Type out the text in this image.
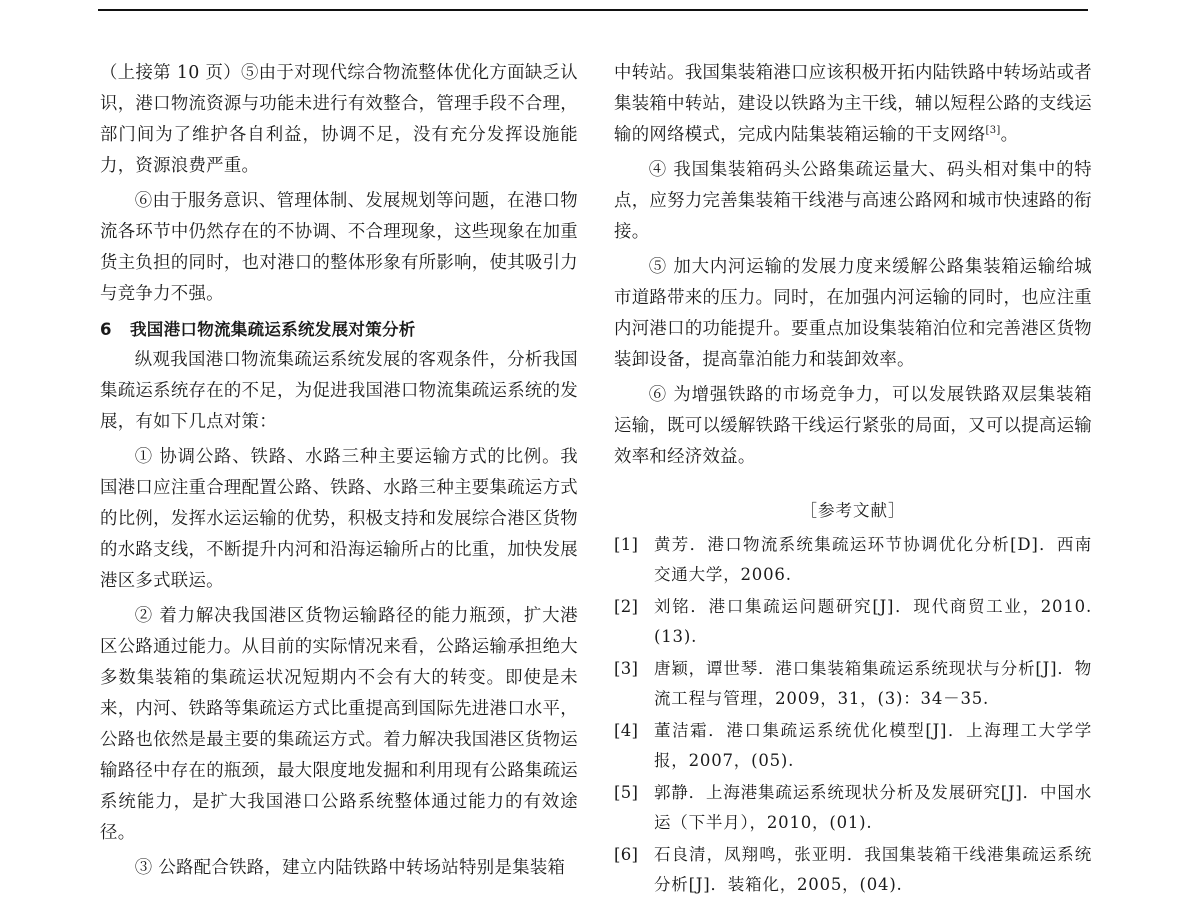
（上接第 10 页）⑤由于对现代综合物流整体优化方面缺乏认识，港口物流资源与功能未进行有效整合，管理手段不合理，部门间为了维护各自利益，协调不足，没有充分发挥设施能力，资源浪费严重。

⑥由于服务意识、管理体制、发展规划等问题，在港口物流各环节中仍然存在的不协调、不合理现象，这些现象在加重货主负担的同时，也对港口的整体形象有所影响，使其吸引力与竞争力不强。

6 我国港口物流集疏运系统发展对策分析

纵观我国港口物流集疏运系统发展的客观条件，分析我国集疏运系统存在的不足，为促进我国港口物流集疏运系统的发展，有如下几点对策：

① 协调公路、铁路、水路三种主要运输方式的比例。我国港口应注重合理配置公路、铁路、水路三种主要集疏运方式的比例，发挥水运运输的优势，积极支持和发展综合港区货物的水路支线，不断提升内河和沿海运输所占的比重，加快发展港区多式联运。

② 着力解决我国港区货物运输路径的能力瓶颈，扩大港区公路通过能力。从目前的实际情况来看，公路运输承担绝大多数集装箱的集疏运状况短期内不会有大的转变。即使是未来，内河、铁路等集疏运方式比重提高到国际先进港口水平，公路也依然是最主要的集疏运方式。着力解决我国港区货物运输路径中存在的瓶颈，最大限度地发掘和利用现有公路集疏运系统能力，是扩大我国港口公路系统整体通过能力的有效途径。

③ 公路配合铁路，建立内陆铁路中转场站特别是集装箱

中转站。我国集装箱港口应该积极开拓内陆铁路中转场站或者集装箱中转站，建设以铁路为主干线，辅以短程公路的支线运输的网络模式，完成内陆集装箱运输的干支网络[3]。

④ 我国集装箱码头公路集疏运量大、码头相对集中的特点，应努力完善集装箱干线港与高速公路网和城市快速路的衔接。

⑤ 加大内河运输的发展力度来缓解公路集装箱运输给城市道路带来的压力。同时，在加强内河运输的同时，也应注重内河港口的功能提升。要重点加设集装箱泊位和完善港区货物装卸设备，提高靠泊能力和装卸效率。

⑥ 为增强铁路的市场竞争力，可以发展铁路双层集装箱运输，既可以缓解铁路干线运行紧张的局面，又可以提高运输效率和经济效益。

［参考文献］
[1] 黄芳．港口物流系统集疏运环节协调优化分析[D]．西南交通大学，2006.
[2] 刘铭．港口集疏运问题研究[J]．现代商贸工业，2010.(13).
[3] 唐颖，谭世琴．港口集装箱集疏运系统现状与分析[J]．物流工程与管理，2009，31，(3)：34－35.
[4] 董洁霜．港口集疏运系统优化模型[J]．上海理工大学学报，2007，(05).
[5] 郭静．上海港集疏运系统现状分析及发展研究[J]．中国水运（下半月），2010，(01).
[6] 石良清，凤翔鸣，张亚明．我国集装箱干线港集疏运系统分析[J]．装箱化，2005，(04).
